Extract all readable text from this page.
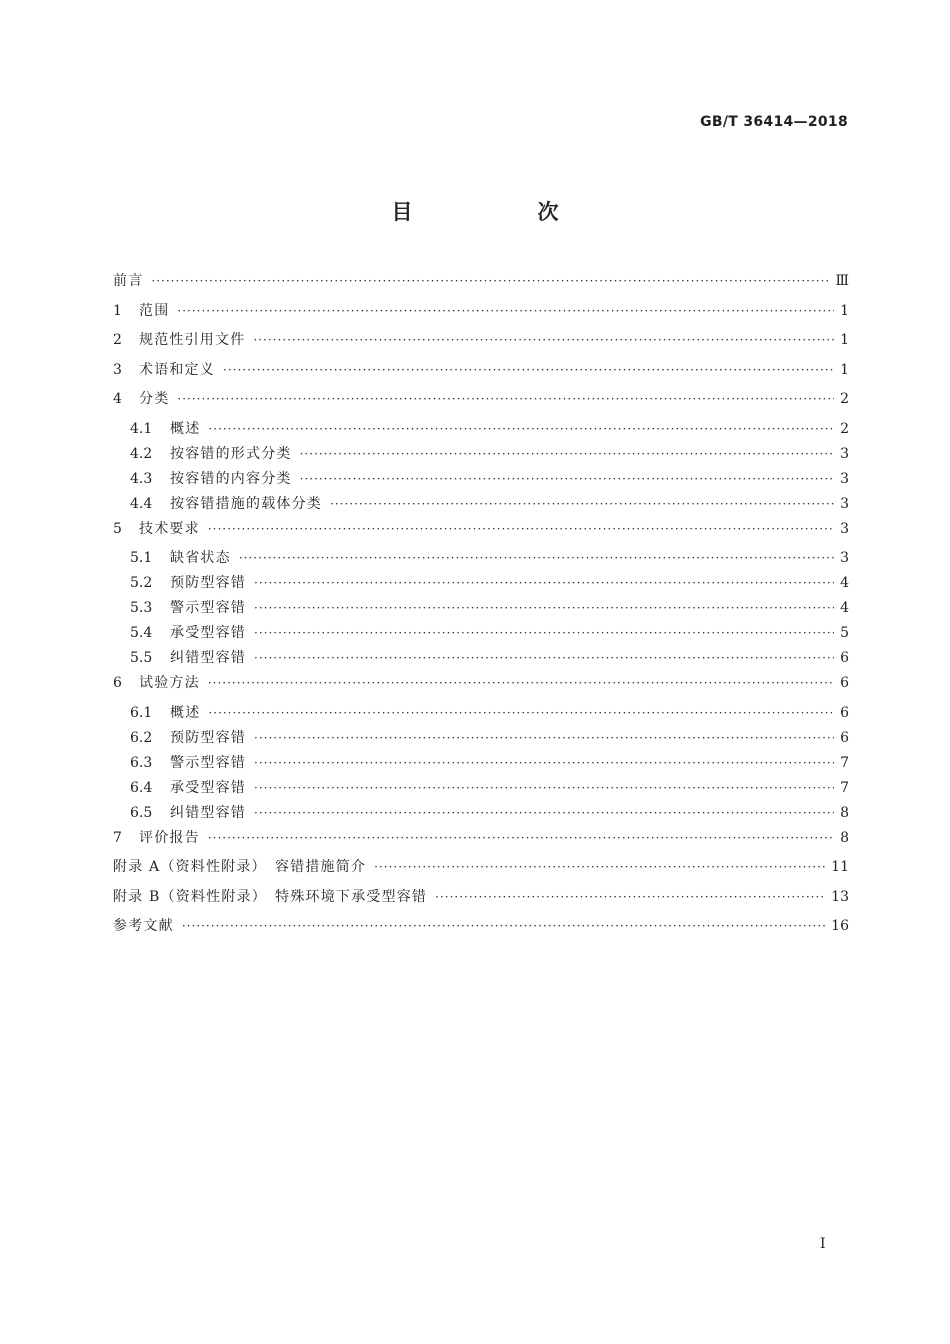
GB/T 36414—2018
目　次
前言 ·····	Ⅲ
1	范围 ·····	1
2	规范性引用文件 ·····	1
3	术语和定义 ·····	1
4	分类 ·····	2
4.1	概述 ·····	2
4.2	按容错的形式分类 ·····	3
4.3	按容错的内容分类 ·····	3
4.4	按容错措施的载体分类 ·····	3
5	技术要求 ·····	3
5.1	缺省状态 ·····	3
5.2	预防型容错 ·····	4
5.3	警示型容错 ·····	4
5.4	承受型容错 ·····	5
5.5	纠错型容错 ·····	6
6	试验方法 ·····	6
6.1	概述 ·····	6
6.2	预防型容错 ·····	6
6.3	警示型容错 ·····	7
6.4	承受型容错 ·····	7
6.5	纠错型容错 ·····	8
7	评价报告 ·····	8
附录 A（资料性附录）　容错措施简介 ·····	11
附录 B（资料性附录）　特殊环境下承受型容错 ·····	13
参考文献 ·····	16
I
